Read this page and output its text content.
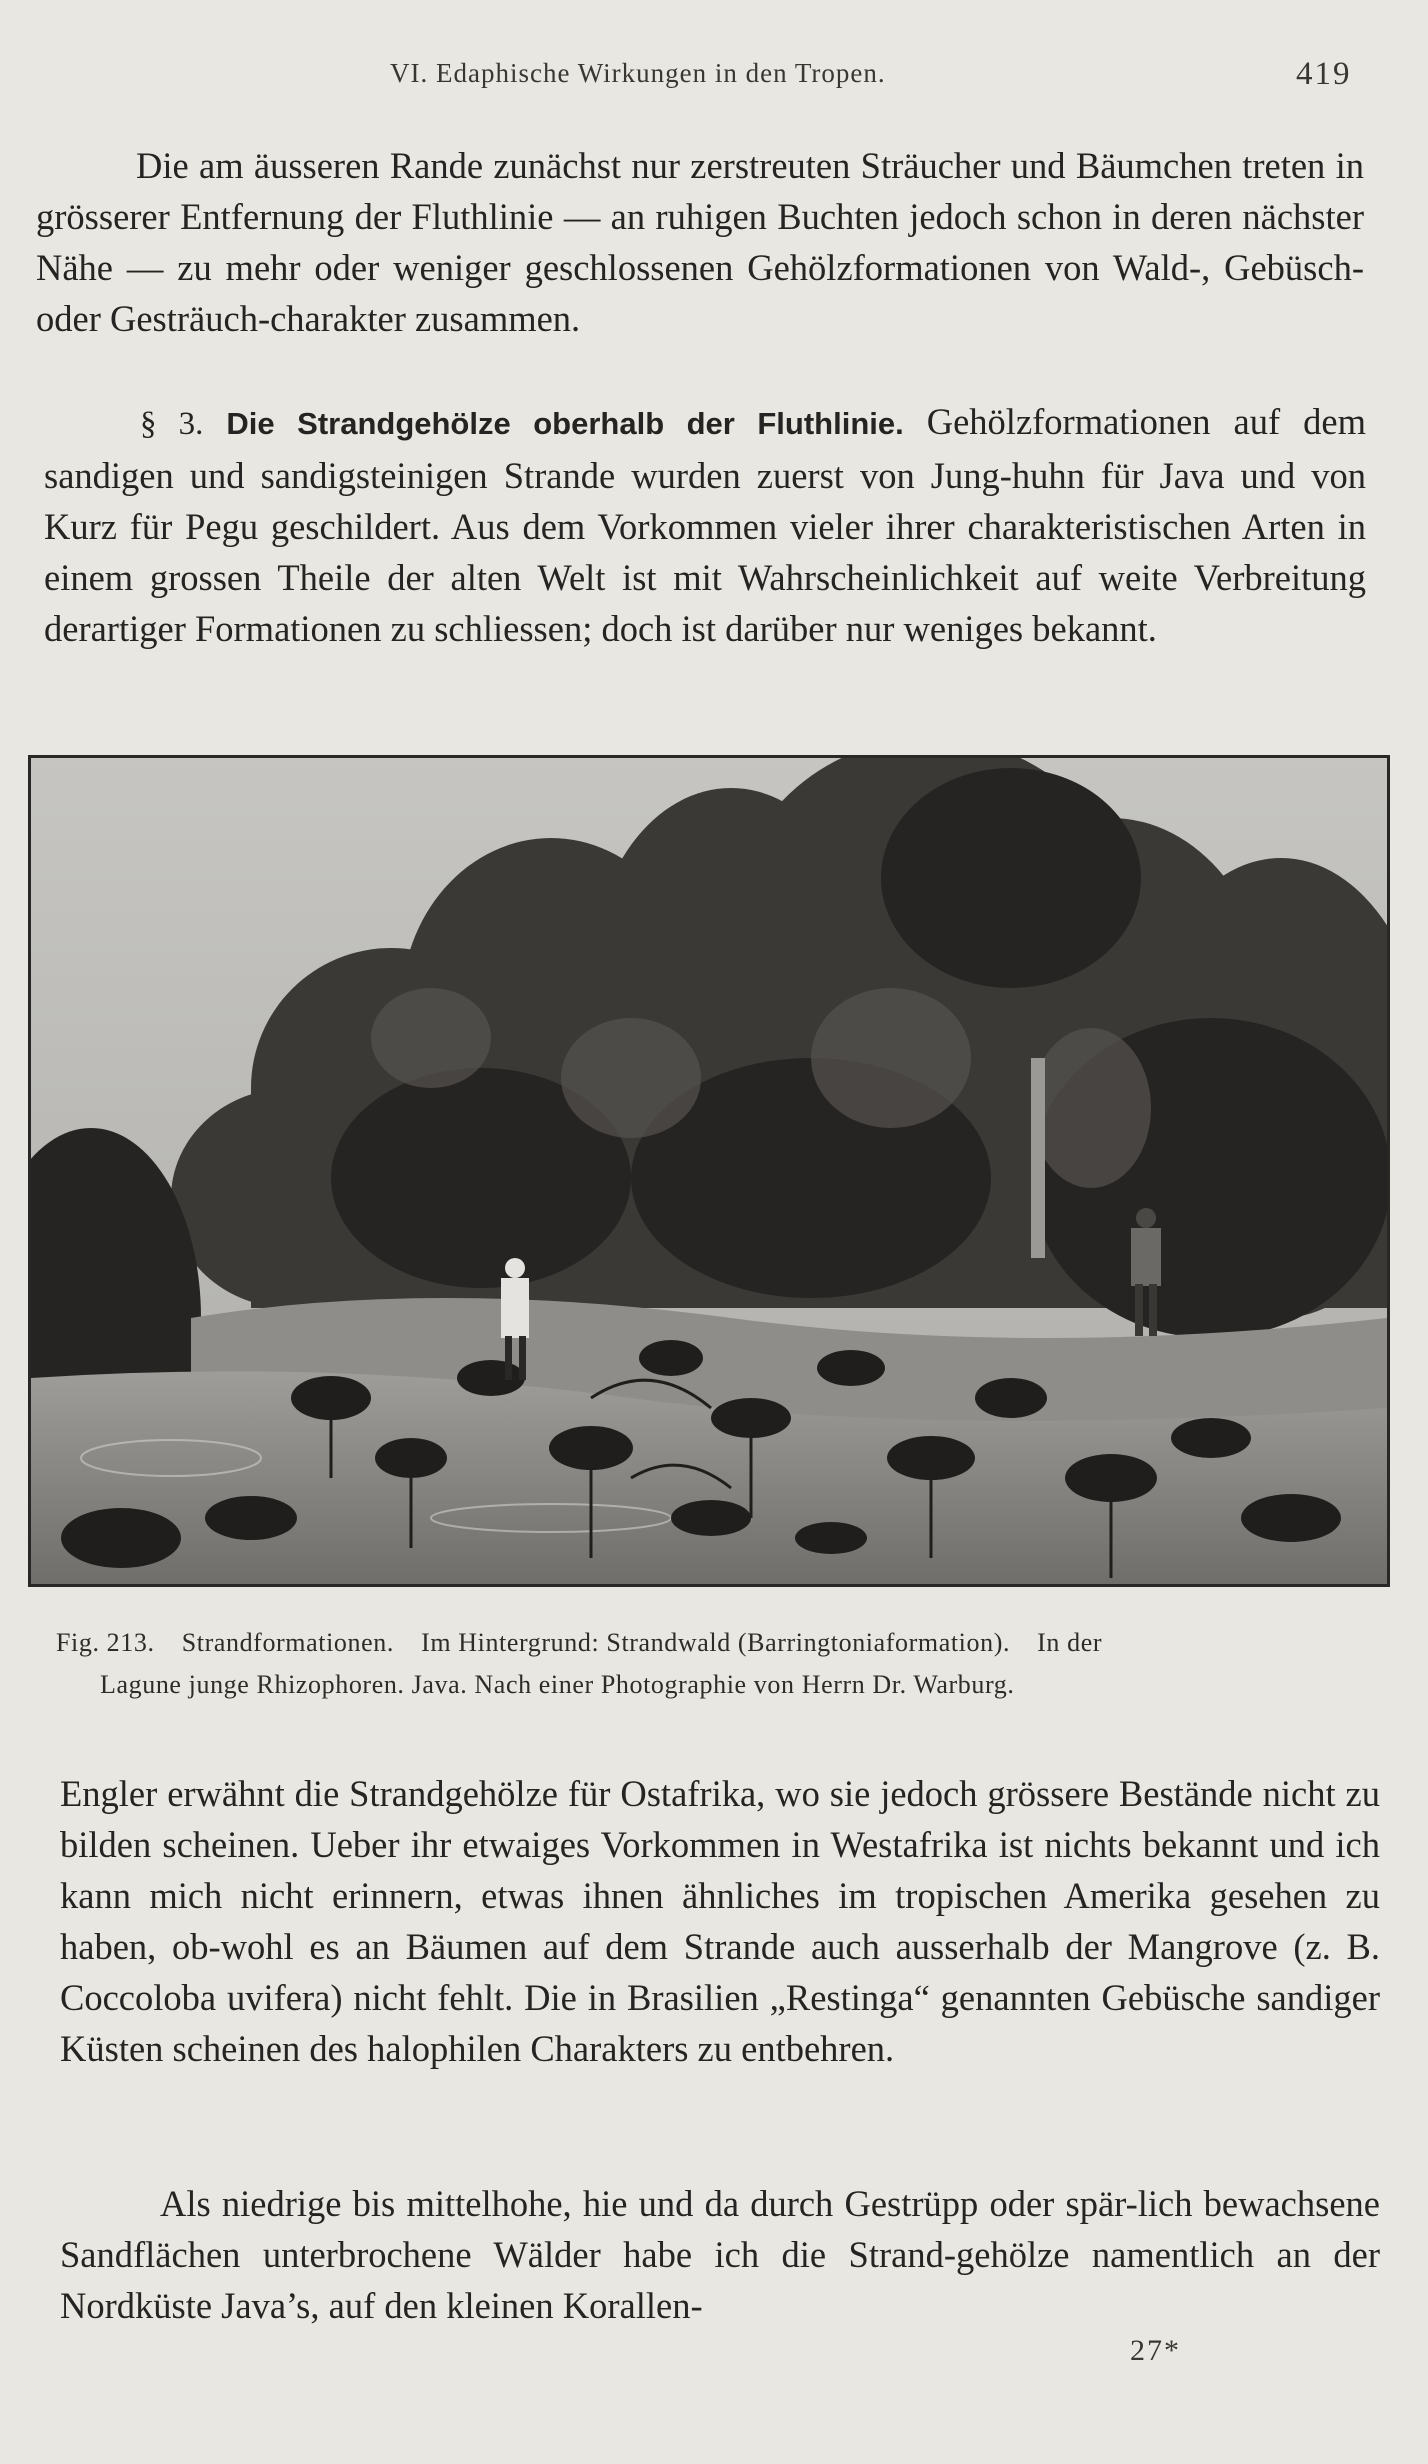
VI. Edaphische Wirkungen in den Tropen.	419

Die am äusseren Rande zunächst nur zerstreuten Sträucher und Bäumchen treten in grösserer Entfernung der Fluthlinie — an ruhigen Buchten jedoch schon in deren nächster Nähe — zu mehr oder weniger geschlossenen Gehölzformationen von Wald-, Gebüsch- oder Gesträuch-charakter zusammen.

§ 3. Die Strandgehölze oberhalb der Fluthlinie. Gehölzformationen auf dem sandigen und sandigsteinigen Strande wurden zuerst von Jung-huhn für Java und von Kurz für Pegu geschildert. Aus dem Vorkommen vieler ihrer charakteristischen Arten in einem grossen Theile der alten Welt ist mit Wahrscheinlichkeit auf weite Verbreitung derartiger Formationen zu schliessen; doch ist darüber nur weniges bekannt.

Fig. 213. Strandformationen. Im Hintergrund: Strandwald (Barringtoniaformation). In der
Lagune junge Rhizophoren. Java. Nach einer Photographie von Herrn Dr. Warburg.

Engler erwähnt die Strandgehölze für Ostafrika, wo sie jedoch grössere Bestände nicht zu bilden scheinen. Ueber ihr etwaiges Vorkommen in Westafrika ist nichts bekannt und ich kann mich nicht erinnern, etwas ihnen ähnliches im tropischen Amerika gesehen zu haben, ob-wohl es an Bäumen auf dem Strande auch ausserhalb der Mangrove (z. B. Coccoloba uvifera) nicht fehlt. Die in Brasilien „Restinga“ genannten Gebüsche sandiger Küsten scheinen des halophilen Charakters zu entbehren.

Als niedrige bis mittelhohe, hie und da durch Gestrüpp oder spär-lich bewachsene Sandflächen unterbrochene Wälder habe ich die Strand-gehölze namentlich an der Nordküste Java’s, auf den kleinen Korallen-

27*
